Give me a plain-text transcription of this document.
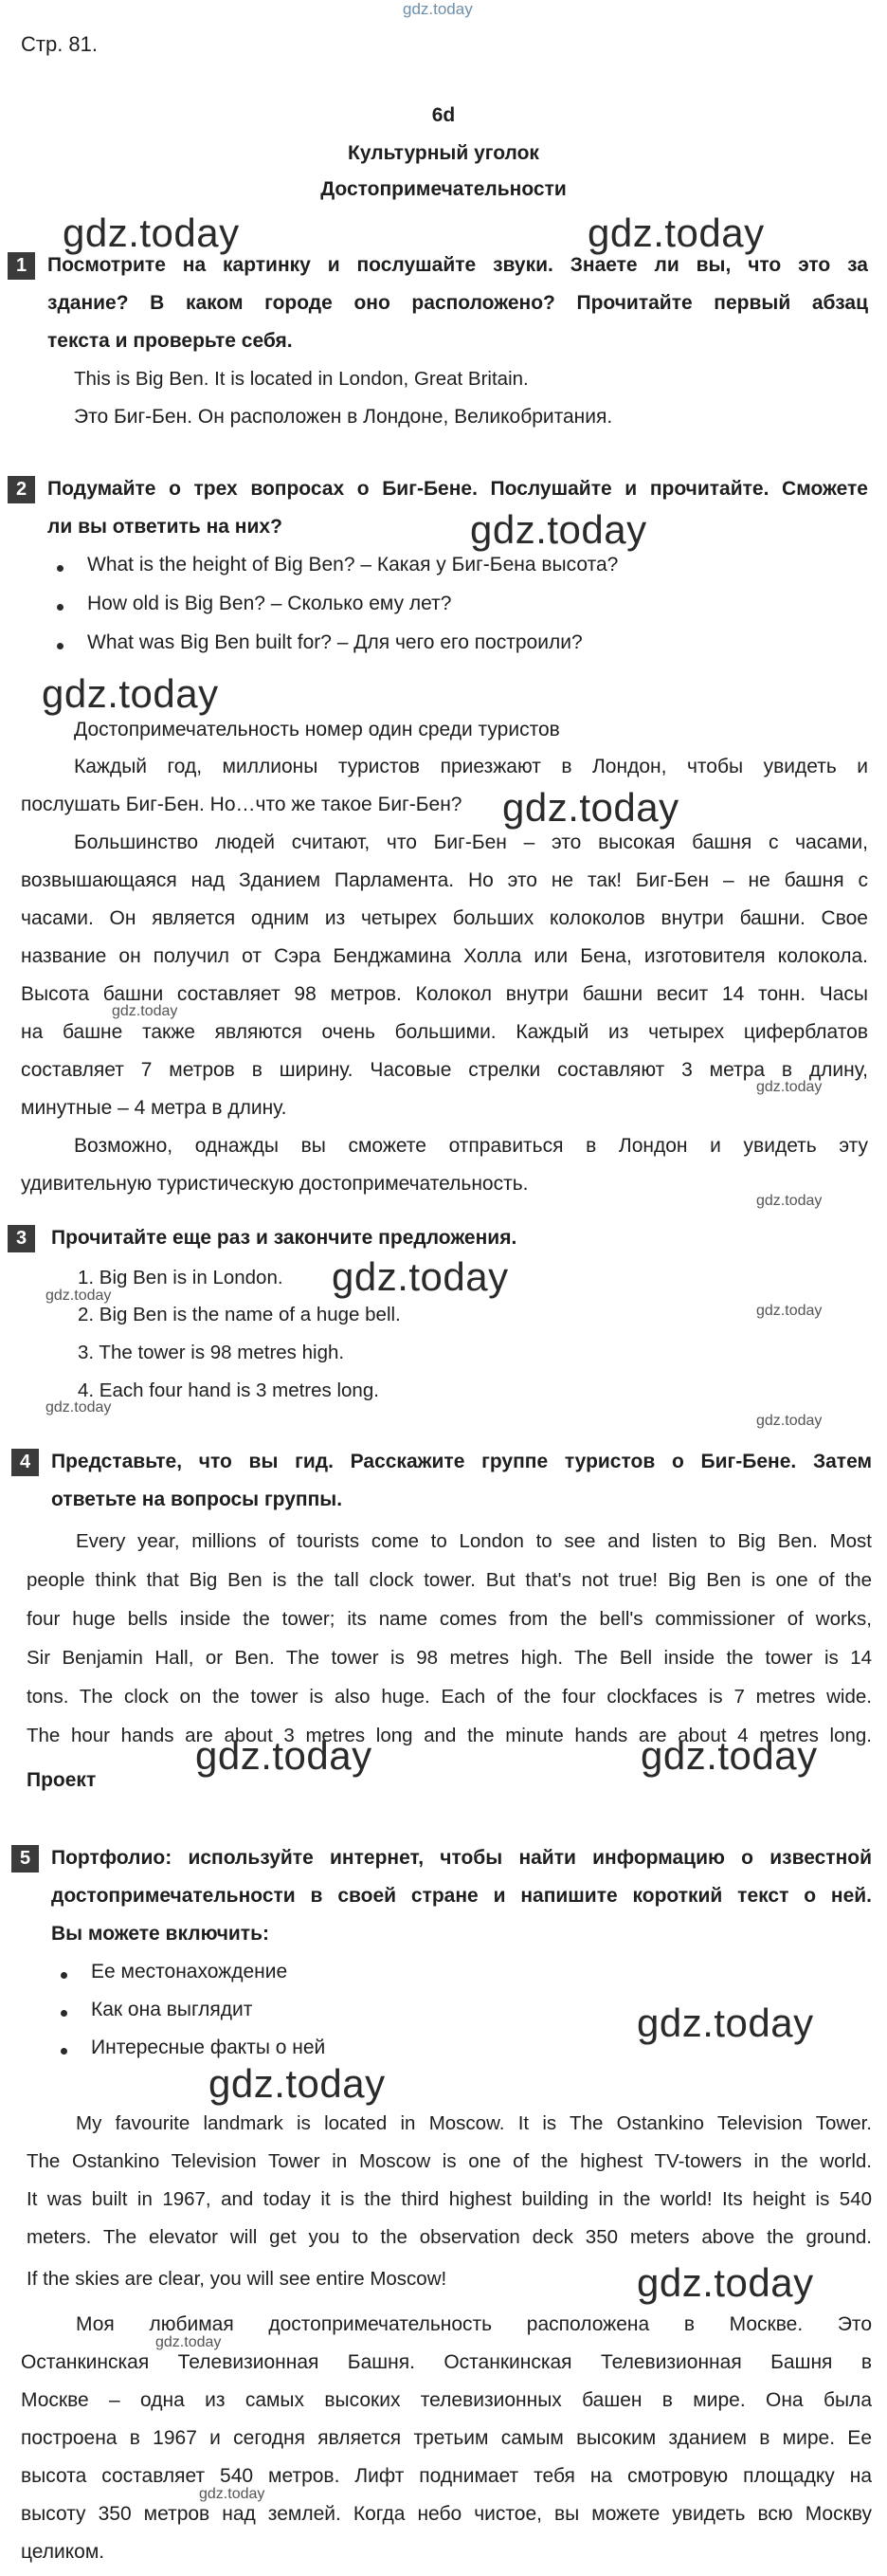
gdz.today
Стр. 81.
6d
Культурный уголок
Достопримечательности
gdz.today	gdz.today
1	Посмотрите на картинку и послушайте звуки. Знаете ли вы, что это за
здание? В каком городе оно расположено? Прочитайте первый абзац
текста и проверьте себя.
This is Big Ben. It is located in London, Great Britain.
Это Биг-Бен. Он расположен в Лондоне, Великобритания.
2	Подумайте о трех вопросах о Биг-Бене. Послушайте и прочитайте. Сможете
ли вы ответить на них?	gdz.today
What is the height of Big Ben? – Какая у Биг-Бена высота?
How old is Big Ben? – Сколько ему лет?
What was Big Ben built for? – Для чего его построили?
gdz.today
Достопримечательность номер один среди туристов
Каждый год, миллионы туристов приезжают в Лондон, чтобы увидеть и
послушать Биг-Бен. Но…что же такое Биг-Бен? gdz.today
Большинство людей считают, что Биг-Бен – это высокая башня с часами,
возвышающаяся над Зданием Парламента. Но это не так! Биг-Бен – не башня с
часами. Он является одним из четырех больших колоколов внутри башни. Свое
название он получил от Сэра Бенджамина Холла или Бена, изготовителя колокола.
Высота башни составляет 98 метров. Колокол внутри башни весит 14 тонн. Часы
gdz.today
на башне также являются очень большими. Каждый из четырех циферблатов
составляет 7 метров в ширину. Часовые стрелки составляют 3 метра в длину,
gdz.today
минутные – 4 метра в длину.
Возможно, однажды вы сможете отправиться в Лондон и увидеть эту
удивительную туристическую достопримечательность.
gdz.today
3	Прочитайте еще раз и закончите предложения.
1. Big Ben is in London. gdz.today
gdz.today
2. Big Ben is the name of a huge bell.	gdz.today
3. The tower is 98 metres high.
4. Each four hand is 3 metres long.
gdz.today
gdz.today
4	Представьте, что вы гид. Расскажите группе туристов о Биг-Бене. Затем
ответьте на вопросы группы.
Every year, millions of tourists come to London to see and listen to Big Ben. Most
people think that Big Ben is the tall clock tower. But that's not true! Big Ben is one of the
four huge bells inside the tower; its name comes from the bell's commissioner of works,
Sir Benjamin Hall, or Ben. The tower is 98 metres high. The Bell inside the tower is 14
tons. The clock on the tower is also huge. Each of the four clockfaces is 7 metres wide.
The hour hands are about 3 metres long and the minute hands are about 4 metres long.
Проект
gdz.today	gdz.today
5	Портфолио: используйте интернет, чтобы найти информацию о известной
достопримечательности в своей стране и напишите короткий текст о ней.
Вы можете включить:
Ее местонахождение
Как она выглядит
Интересные факты о ней
gdz.today
gdz.today
My favourite landmark is located in Moscow. It is The Ostankino Television Tower.
The Ostankino Television Tower in Moscow is one of the highest TV-towers in the world.
It was built in 1967, and today it is the third highest building in the world! Its height is 540
meters. The elevator will get you to the observation deck 350 meters above the ground.
If the skies are clear, you will see entire Moscow!	gdz.today
Моя любимая достопримечательность расположена в Москве. Это
gdz.today
Останкинская Телевизионная Башня. Останкинская Телевизионная Башня в
Москве – одна из самых высоких телевизионных башен в мире. Она была
построена в 1967 и сегодня является третьим самым высоким зданием в мире. Ее
высота составляет 540 метров. Лифт поднимает тебя на смотровую площадку на
gdz.today
высоту 350 метров над землей. Когда небо чистое, вы можете увидеть всю Москву
целиком.
